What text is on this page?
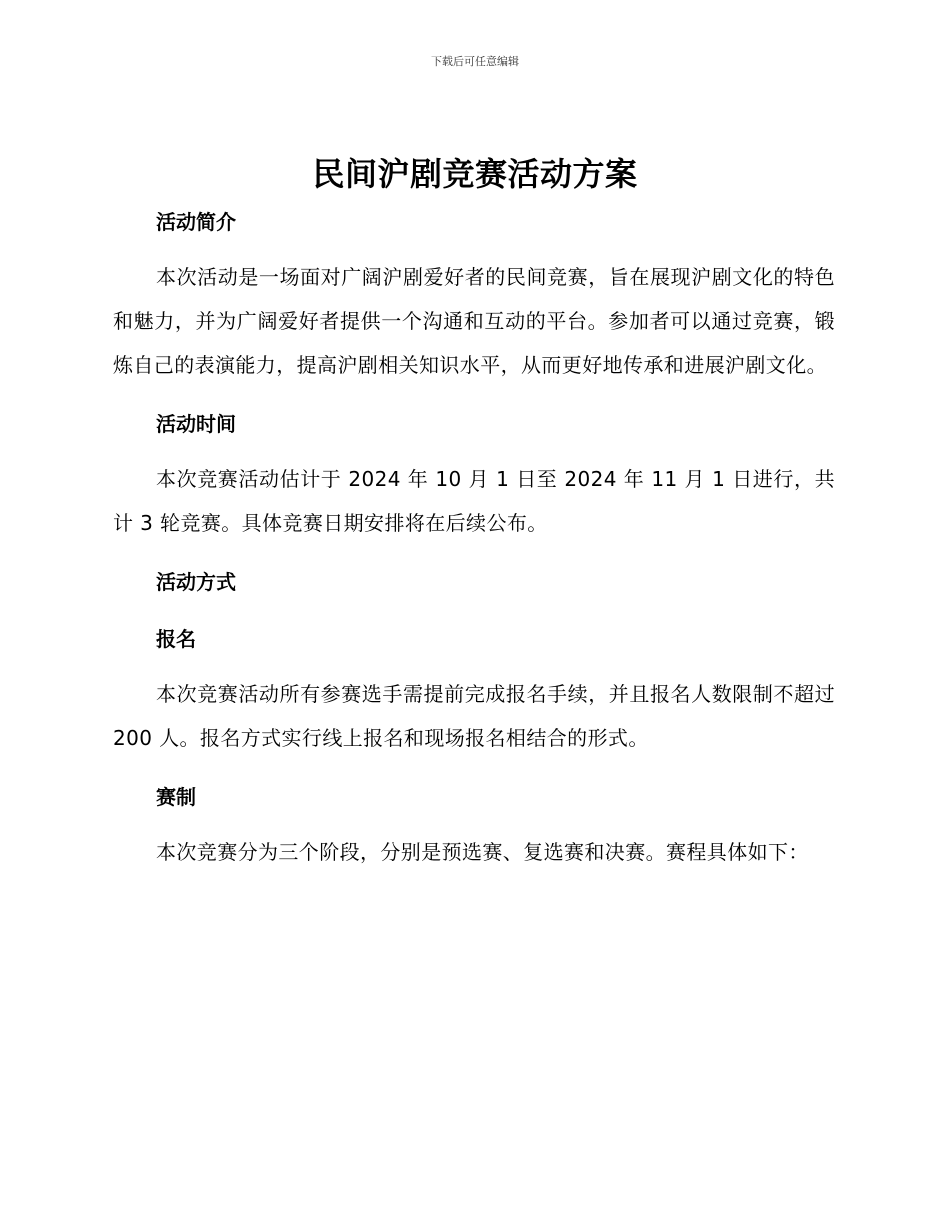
下载后可任意编辑
民间沪剧竞赛活动方案
活动简介

本次活动是一场面对广阔沪剧爱好者的民间竞赛，旨在展现沪剧文化的特色和魅力，并为广阔爱好者提供一个沟通和互动的平台。参加者可以通过竞赛，锻炼自己的表演能力，提高沪剧相关知识水平，从而更好地传承和进展沪剧文化。

活动时间

本次竞赛活动估计于 2024 年 10 月 1 日至 2024 年 11 月 1 日进行，共计 3 轮竞赛。具体竞赛日期安排将在后续公布。

活动方式
报名

本次竞赛活动所有参赛选手需提前完成报名手续，并且报名人数限制不超过 200 人。报名方式实行线上报名和现场报名相结合的形式。

赛制

本次竞赛分为三个阶段，分别是预选赛、复选赛和决赛。赛程具体如下：
